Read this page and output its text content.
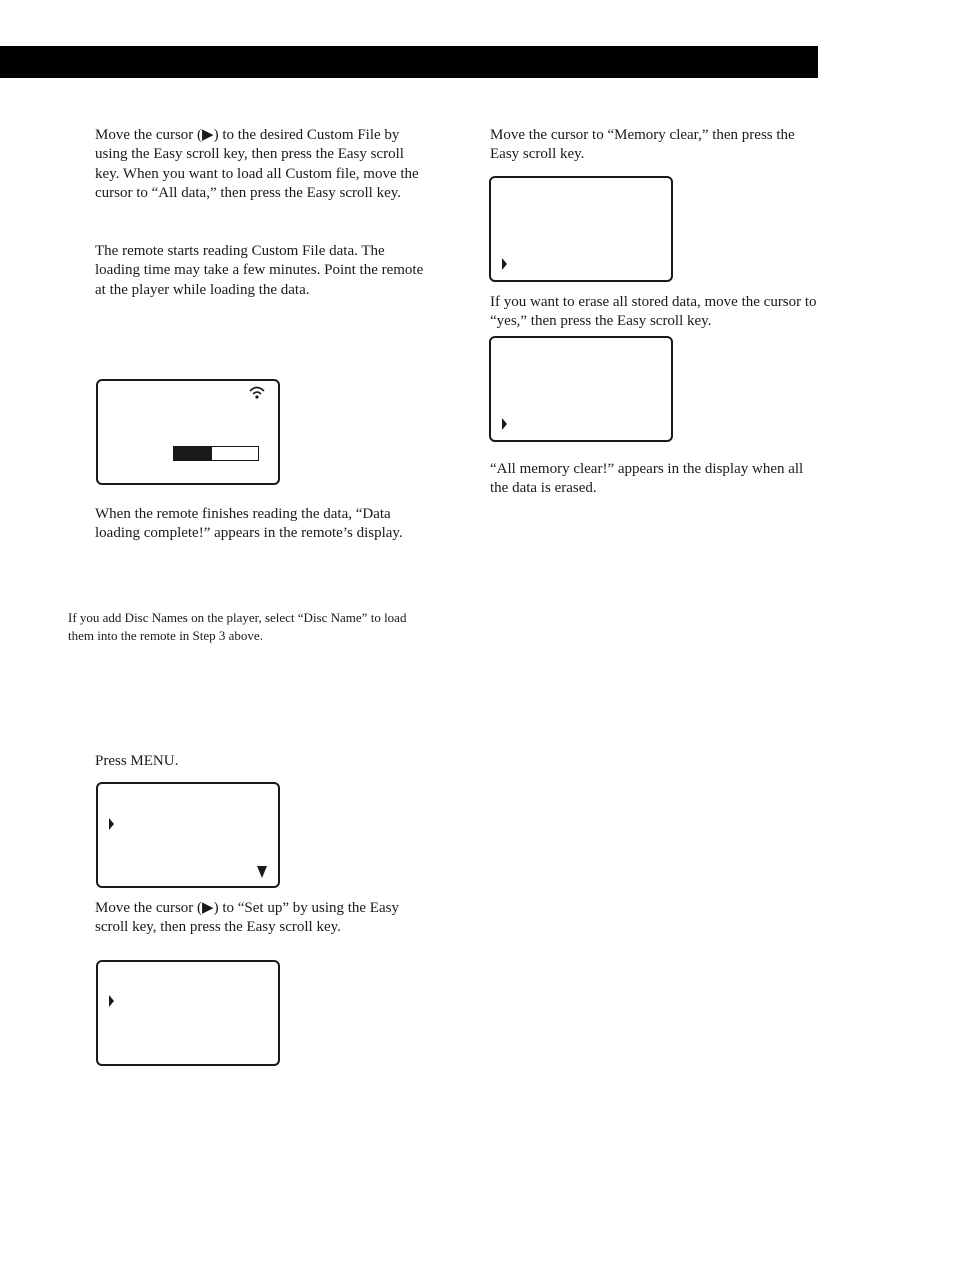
Move the cursor (▶) to the desired Custom File by using the Easy scroll key, then press the Easy scroll key. When you want to load all Custom file, move the cursor to “All data,” then press the Easy scroll key.

The remote starts reading Custom File data. The loading time may take a few minutes. Point the remote at the player while loading the data.

When the remote finishes reading the data, “Data loading complete!” appears in the remote’s display.

If you add Disc Names on the player, select “Disc Name” to load them into the remote in Step 3 above.

Press MENU.

Move the cursor (▶) to “Set up” by using the Easy scroll key, then press the Easy scroll key.

Move the cursor to “Memory clear,” then press the Easy scroll key.

If you want to erase all stored data, move the cursor to “yes,” then press the Easy scroll key.

“All memory clear!” appears in the display when all the data is erased.
